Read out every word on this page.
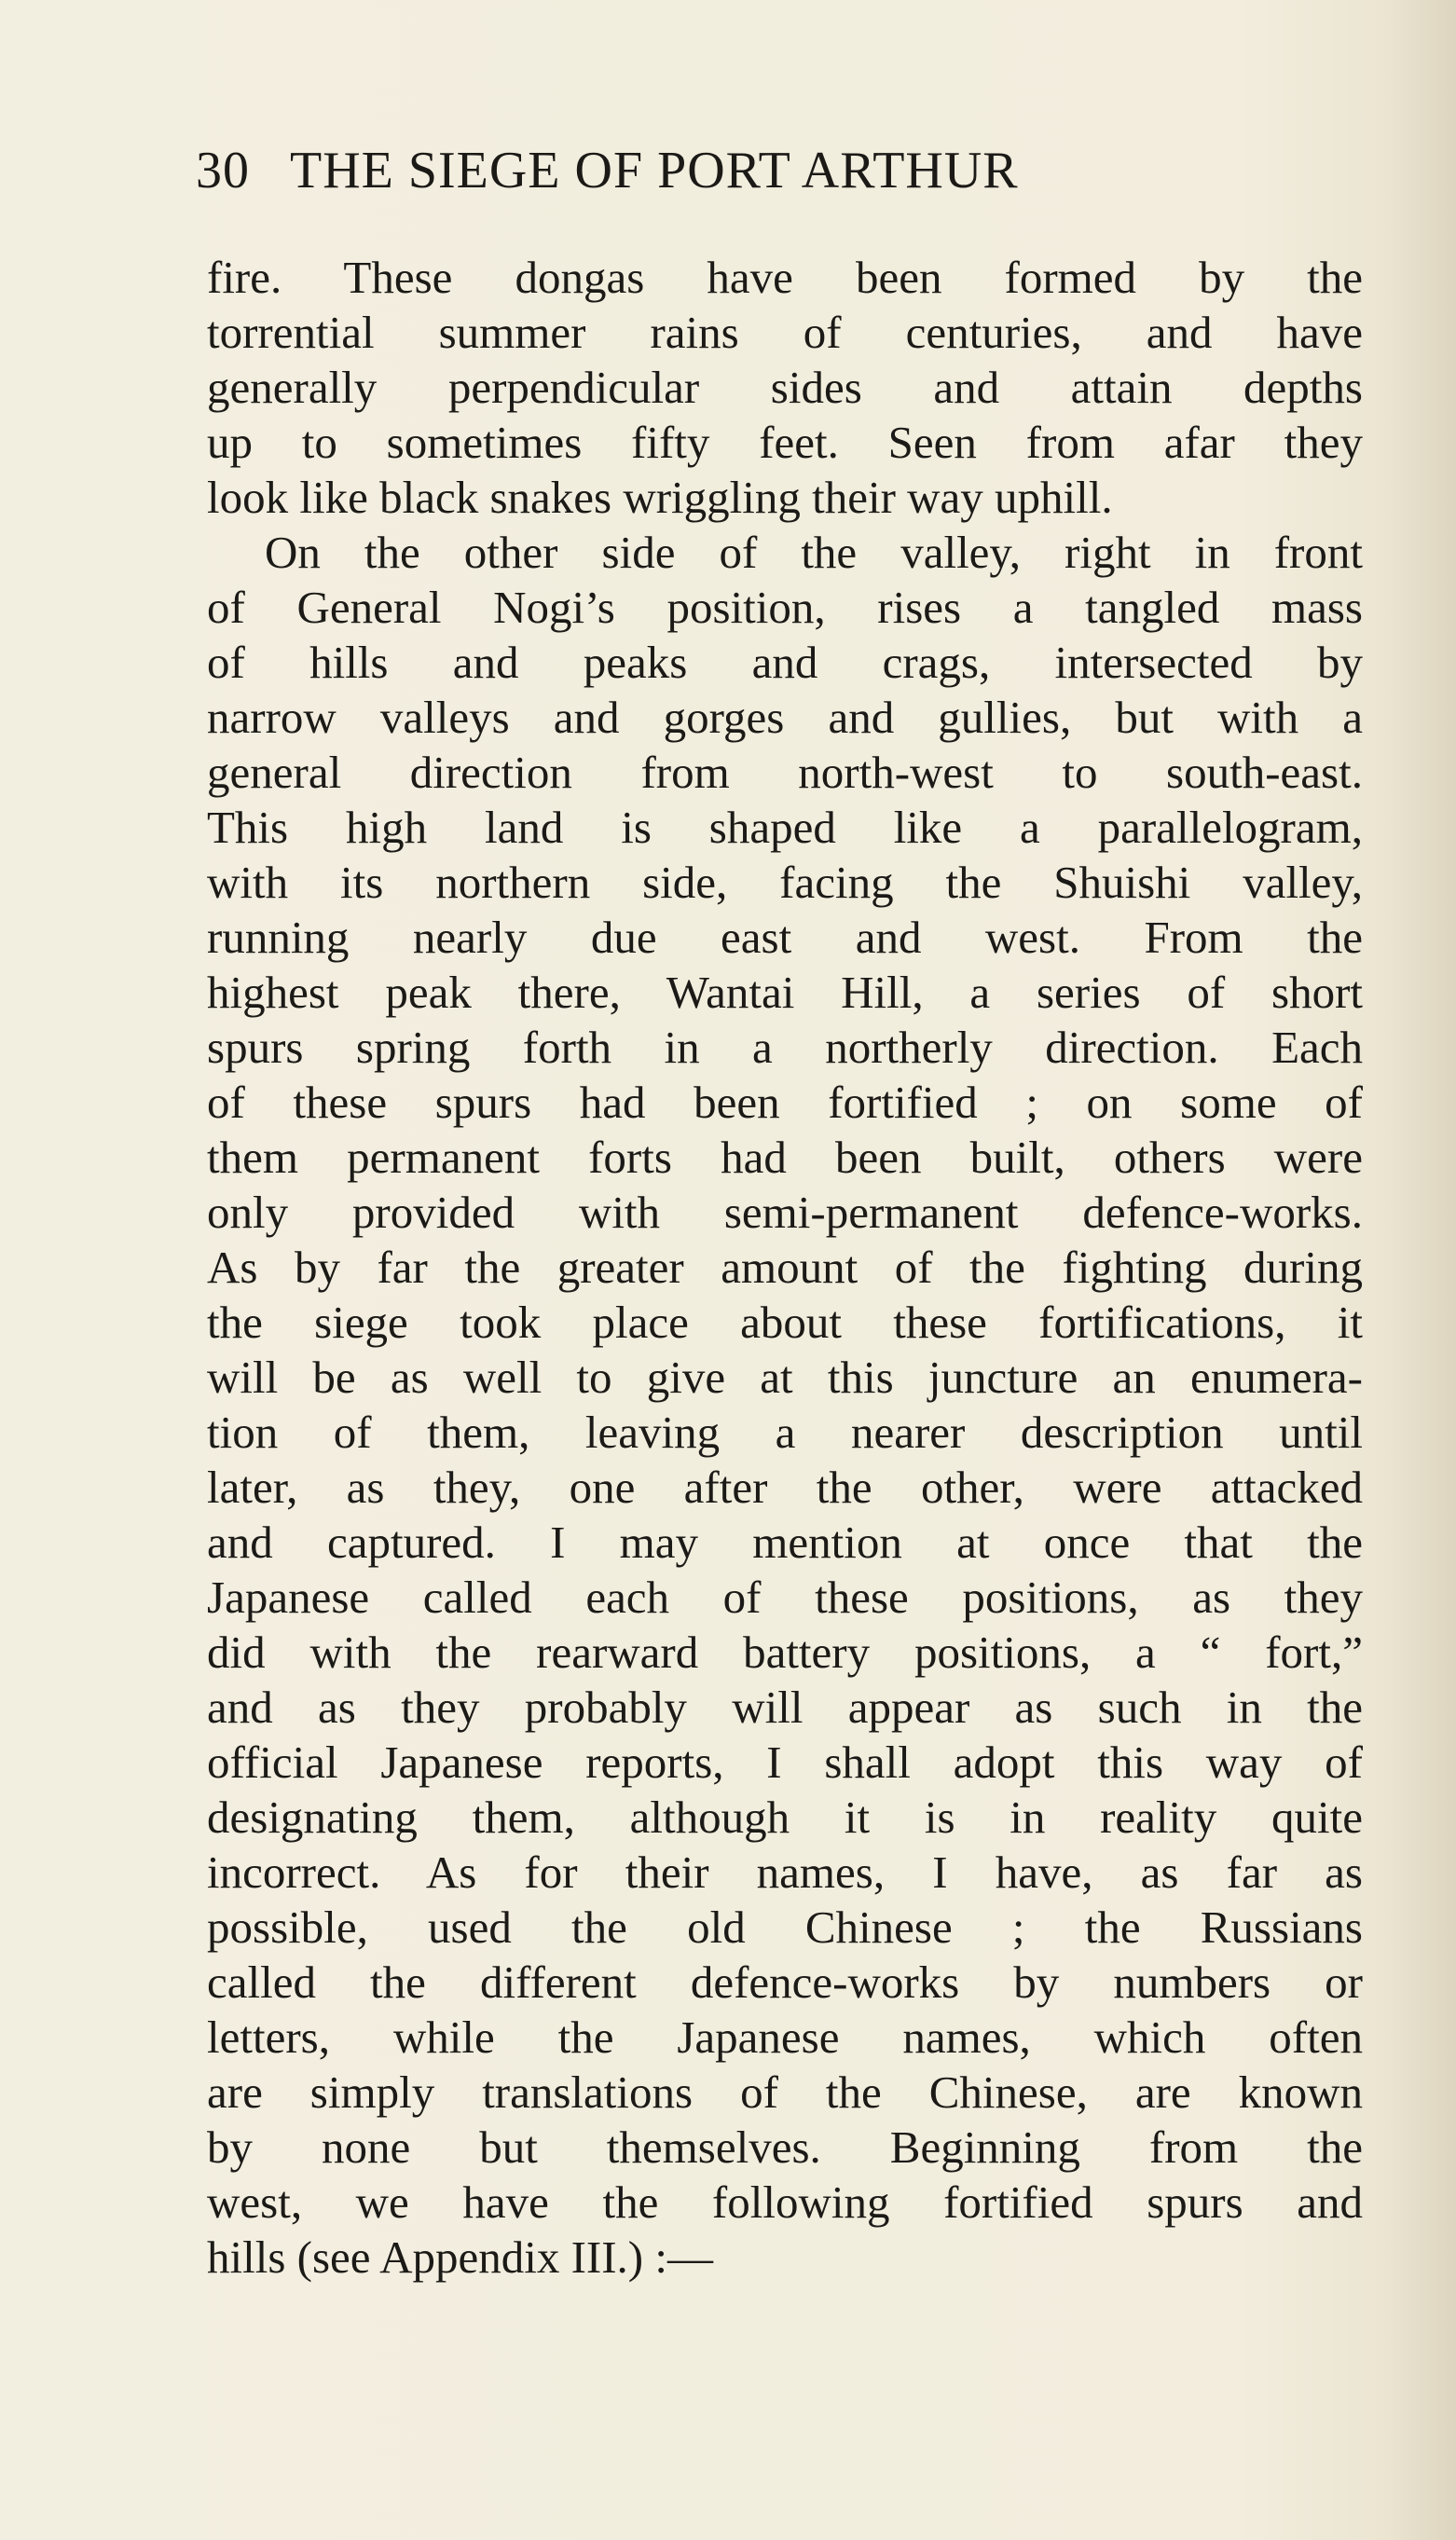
30 THE SIEGE OF PORT ARTHUR
fire. These dongas have been formed by the
torrential summer rains of centuries, and have
generally perpendicular sides and attain depths
up to sometimes fifty feet. Seen from afar they
look like black snakes wriggling their way uphill.
On the other side of the valley, right in front
of General Nogi’s position, rises a tangled mass
of hills and peaks and crags, intersected by
narrow valleys and gorges and gullies, but with a
general direction from north-west to south-east.
This high land is shaped like a parallelogram,
with its northern side, facing the Shuishi valley,
running nearly due east and west. From the
highest peak there, Wantai Hill, a series of short
spurs spring forth in a northerly direction. Each
of these spurs had been fortified ; on some of
them permanent forts had been built, others were
only provided with semi-permanent defence-works.
As by far the greater amount of the fighting during
the siege took place about these fortifications, it
will be as well to give at this juncture an enumera-
tion of them, leaving a nearer description until
later, as they, one after the other, were attacked
and captured. I may mention at once that the
Japanese called each of these positions, as they
did with the rearward battery positions, a “ fort,”
and as they probably will appear as such in the
official Japanese reports, I shall adopt this way of
designating them, although it is in reality quite
incorrect. As for their names, I have, as far as
possible, used the old Chinese ; the Russians
called the different defence-works by numbers or
letters, while the Japanese names, which often
are simply translations of the Chinese, are known
by none but themselves. Beginning from the
west, we have the following fortified spurs and
hills (see Appendix III.) :—
